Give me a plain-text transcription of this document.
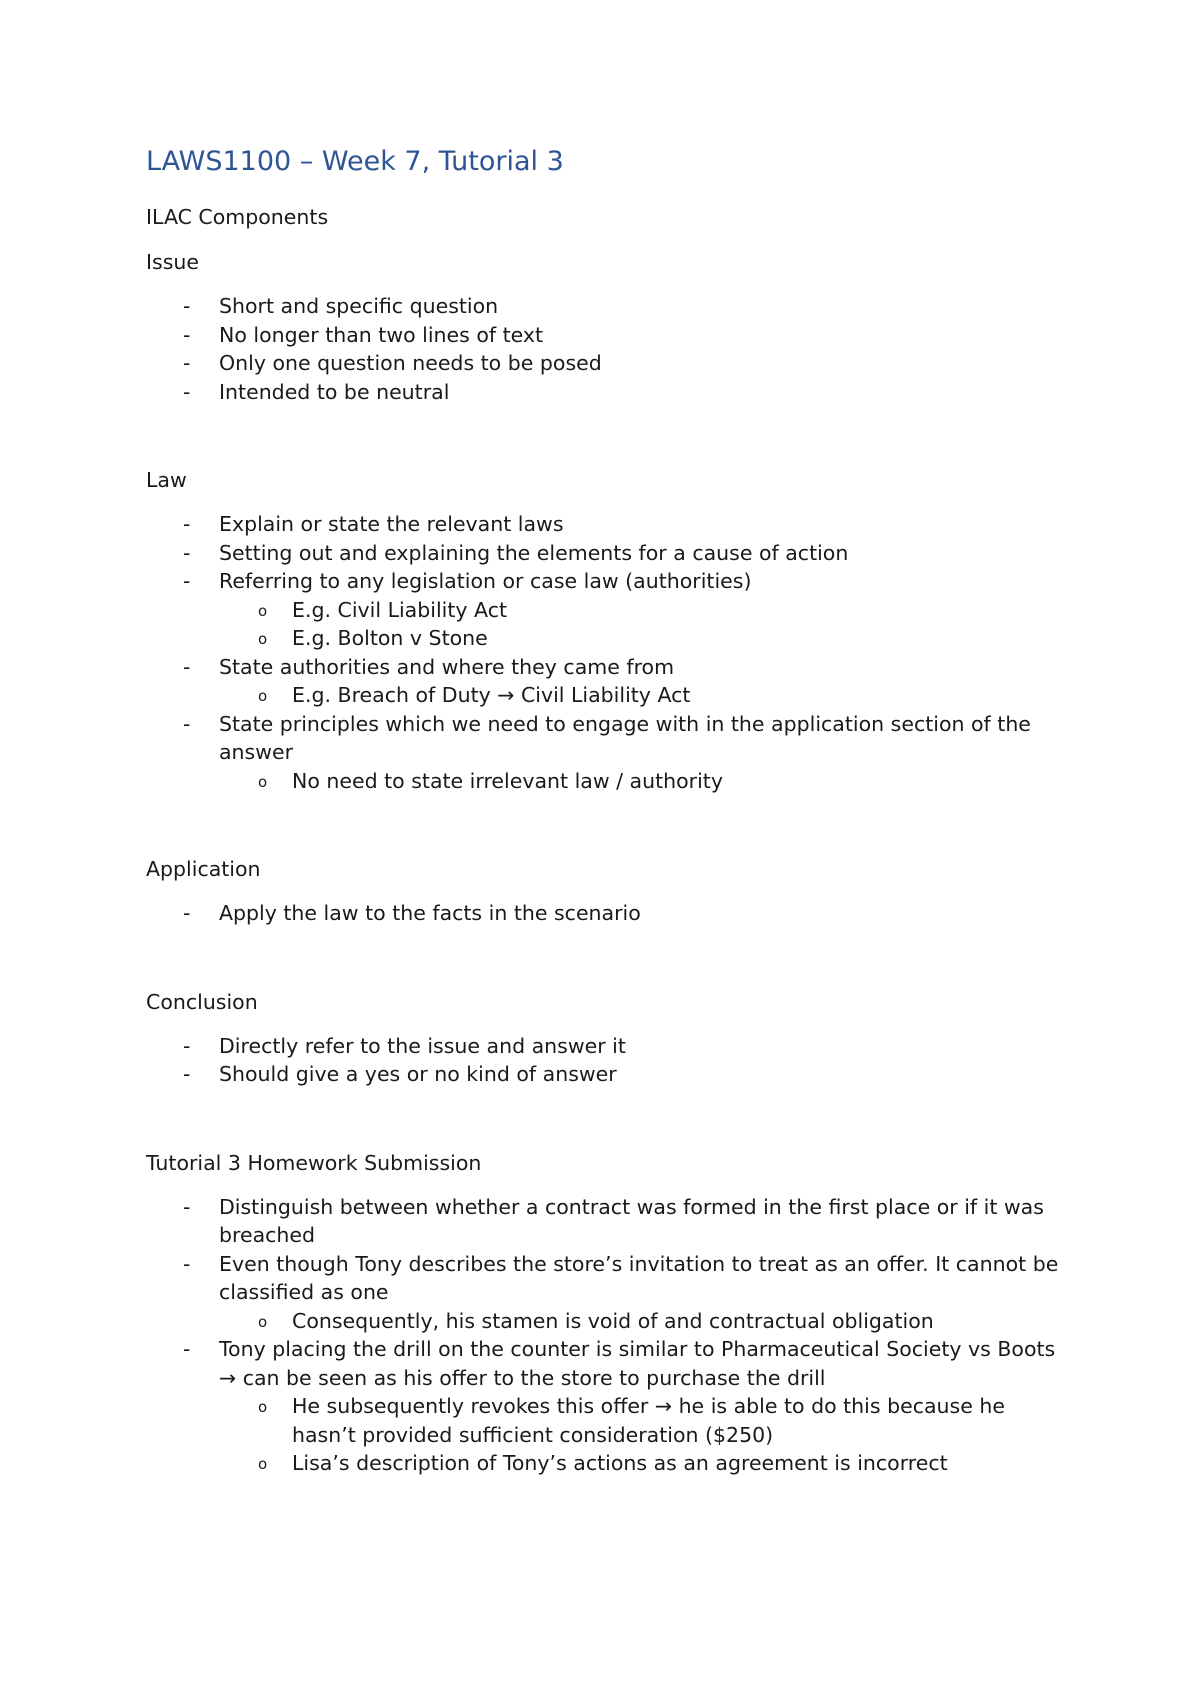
LAWS1100 – Week 7, Tutorial 3

ILAC Components

Issue

- Short and specific question
- No longer than two lines of text
- Only one question needs to be posed
- Intended to be neutral

Law

- Explain or state the relevant laws
- Setting out and explaining the elements for a cause of action
- Referring to any legislation or case law (authorities)
o E.g. Civil Liability Act
o E.g. Bolton v Stone
- State authorities and where they came from
o E.g. Breach of Duty → Civil Liability Act
- State principles which we need to engage with in the application section of the answer
o No need to state irrelevant law / authority

Application

- Apply the law to the facts in the scenario

Conclusion

- Directly refer to the issue and answer it
- Should give a yes or no kind of answer

Tutorial 3 Homework Submission

- Distinguish between whether a contract was formed in the first place or if it was breached
- Even though Tony describes the store’s invitation to treat as an offer. It cannot be classified as one
o Consequently, his stamen is void of and contractual obligation
- Tony placing the drill on the counter is similar to Pharmaceutical Society vs Boots → can be seen as his offer to the store to purchase the drill
o He subsequently revokes this offer → he is able to do this because he hasn’t provided sufficient consideration ($250)
o Lisa’s description of Tony’s actions as an agreement is incorrect
